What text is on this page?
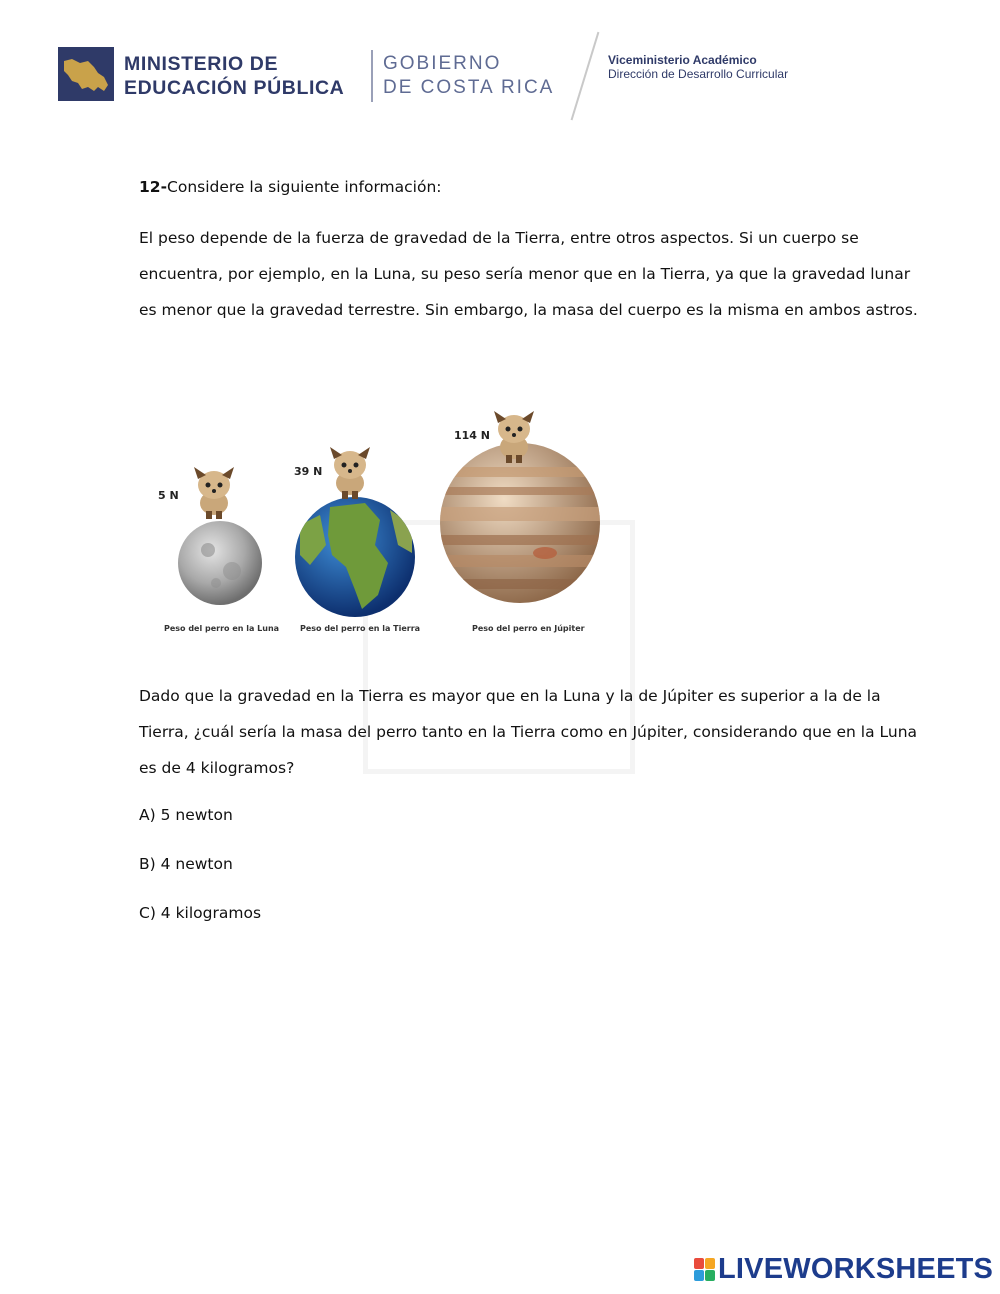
MINISTERIO DE
EDUCACIÓN PÚBLICA
GOBIERNO
DE COSTA RICA
Viceministerio Académico
Dirección de Desarrollo Curricular
12-Considere la siguiente información:
El peso depende de la fuerza de gravedad de la Tierra, entre otros aspectos. Si un cuerpo se encuentra, por ejemplo, en la Luna, su peso sería menor que en la Tierra, ya que la gravedad lunar es menor que la gravedad terrestre. Sin embargo, la masa del cuerpo es la misma en ambos astros.
5 N
39 N
114 N
Peso del perro en la Luna	Peso del perro en la Tierra	Peso del perro en Júpiter
Dado que la gravedad en la Tierra es mayor que en la Luna y la de Júpiter es superior a la de la Tierra, ¿cuál sería la masa del perro tanto en la Tierra como en Júpiter, considerando que en la Luna es de 4 kilogramos?
A) 5 newton
B) 4 newton
C) 4 kilogramos
LIVEWORKSHEETS
